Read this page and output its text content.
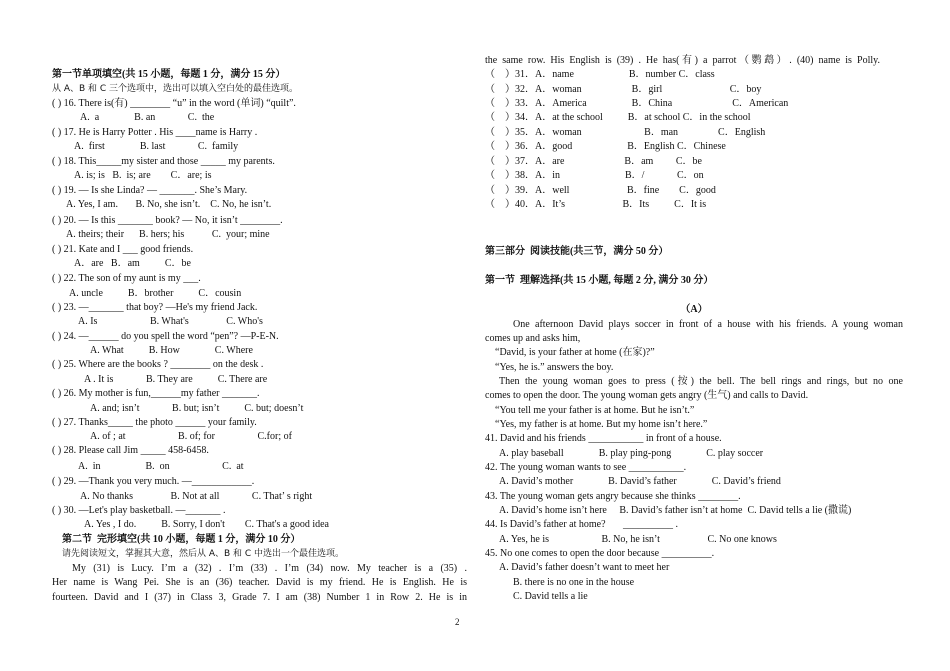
第一节单项填空(共 15 小题，每题 1 分，满分 15 分）
从 A、B 和 C 三个选项中，选出可以填入空白处的最佳选项。
( ) 16. There is(有) ________ “u” in the word (单词) “quilt”.
A.  a              B. an             C.  the
( ) 17. He is Harry Potter . His ____name is Harry .
A.  first              B. last             C.  family
( ) 18. This_____my sister and those _____ my parents.
A. is; is   B.  is; are        C．are; is
( ) 19. — Is she Linda? — _______. She’s Mary.
A. Yes, I am.       B. No, she isn’t.    C. No, he isn’t.
( ) 20. — Is this _______ book? — No, it isn’t ________.
A. theirs; their      B. hers; his           C.  your; mine
( ) 21. Kate and I ___ good friends.
A．are   B．am          C．be
( ) 22. The son of my aunt is my ___.
A. uncle          B．brother          C．cousin
( ) 23. —_______ that boy? —He's my friend Jack.
A. Is                     B. What's               C. Who's
( ) 24. —______ do you spell the word “pen”? —P-E-N.
A. What          B. How              C. Where
( ) 25. Where are the books ? ________ on the desk .
A . It is             B. They are          C. There are
( ) 26. My mother is fun,______my father _______.
A. and; isn’t             B. but; isn’t          C. but; doesn’t
( ) 27. Thanks_____ the photo ______ your family.
A. of ; at                     B. of; for                 C.for; of
( ) 28. Please call Jim _____ 458-6458.
A.  in                  B.  on                     C.  at
( ) 29. —Thank you very much. —____________.
A. No thanks               B. Not at all             C. That’ s right
( ) 30. —Let's play basketball. —_______ .
A. Yes , I do.          B. Sorry, I don't        C. That's a good idea
第二节  完形填空(共 10 小题，每题 1 分，满分 10 分）
请先阅读短文，掌握其大意，然后从 A、B 和 C 中选出一个最佳选项。
My (31) is Lucy. I’m a (32) . I’m (33) . I’m (34) now. My teacher is a (35) .
Her name is Wang Pei. She is an (36) teacher. David is my friend. He is English. He is
fourteen. David and I (37) in Class 3, Grade 7. I am (38) Number 1 in Row 2. He is in
the same row. His English is (39) . He has(有) a parrot（鹦鹉）. (40) name is Polly.
（    ）31．A．name                      B．number C．class
（    ）32．A．woman                    B．girl                           C．boy
（    ）33．A．America                  B．China                        C．American
（    ）34．A．at the school          B．at school C．in the school
（    ）35．A．woman                         B．man                C．English
（    ）36．A．good                      B．English C．Chinese
（    ）37．A．are                        B．am         C．be
（    ）38．A．in                          B．/             C．on
（    ）39．A．well                       B．fine        C．good
（    ）40．A．It’s                       B．Its          C．It is
第三部分  阅读技能(共三节，满分 50 分）
第一节  理解选择(共 15 小题, 每题 2 分, 满分 30 分）
（A）
One afternoon David plays soccer in front of a house with his friends. A young woman
comes up and asks him,
“David, is your father at home (在家)?”
“Yes, he is.” answers the boy.
Then the young woman goes to press (按) the bell. The bell rings and rings, but no one
comes to open the door. The young woman gets angry (生气) and calls to David.
“You tell me your father is at home. But he isn’t.”
“Yes, my father is at home. But my home isn’t here.”
41. David and his friends ___________ in front of a house.
A. play baseball              B. play ping-pong              C. play soccer
42. The young woman wants to see ___________.
A. David’s mother              B. David’s father              C. David’s friend
43. The young woman gets angry because she thinks ________.
A. David’s home isn’t here     B. David’s father isn’t at home  C. David tells a lie (撒谎)
44. Is David’s father at home?       __________ .
A. Yes, he is                     B. No, he isn’t                   C. No one knows
45. No one comes to open the door because __________.
A. David’s father doesn’t want to meet her
B. there is no one in the house
C. David tells a lie
2
